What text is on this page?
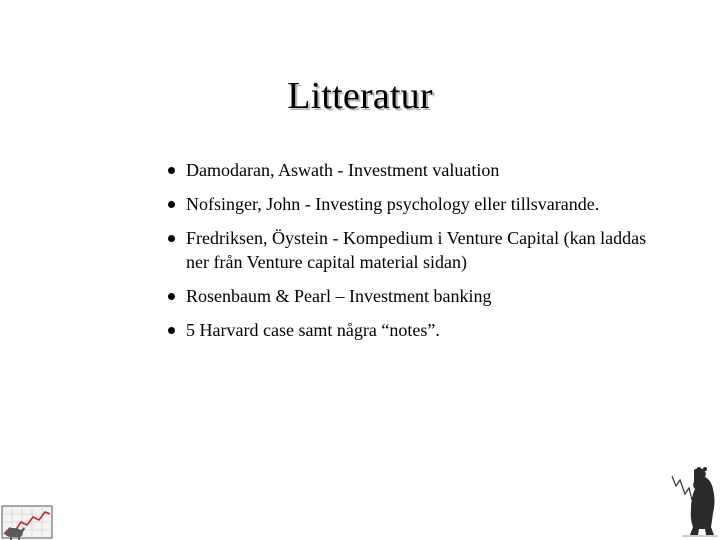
Litteratur
Damodaran, Aswath - Investment valuation
Nofsinger, John - Investing psychology eller tillsvarande.
Fredriksen, Öystein - Kompedium i Venture Capital (kan laddas ner från Venture capital material sidan)
Rosenbaum & Pearl – Investment banking
5 Harvard case samt några “notes”.
